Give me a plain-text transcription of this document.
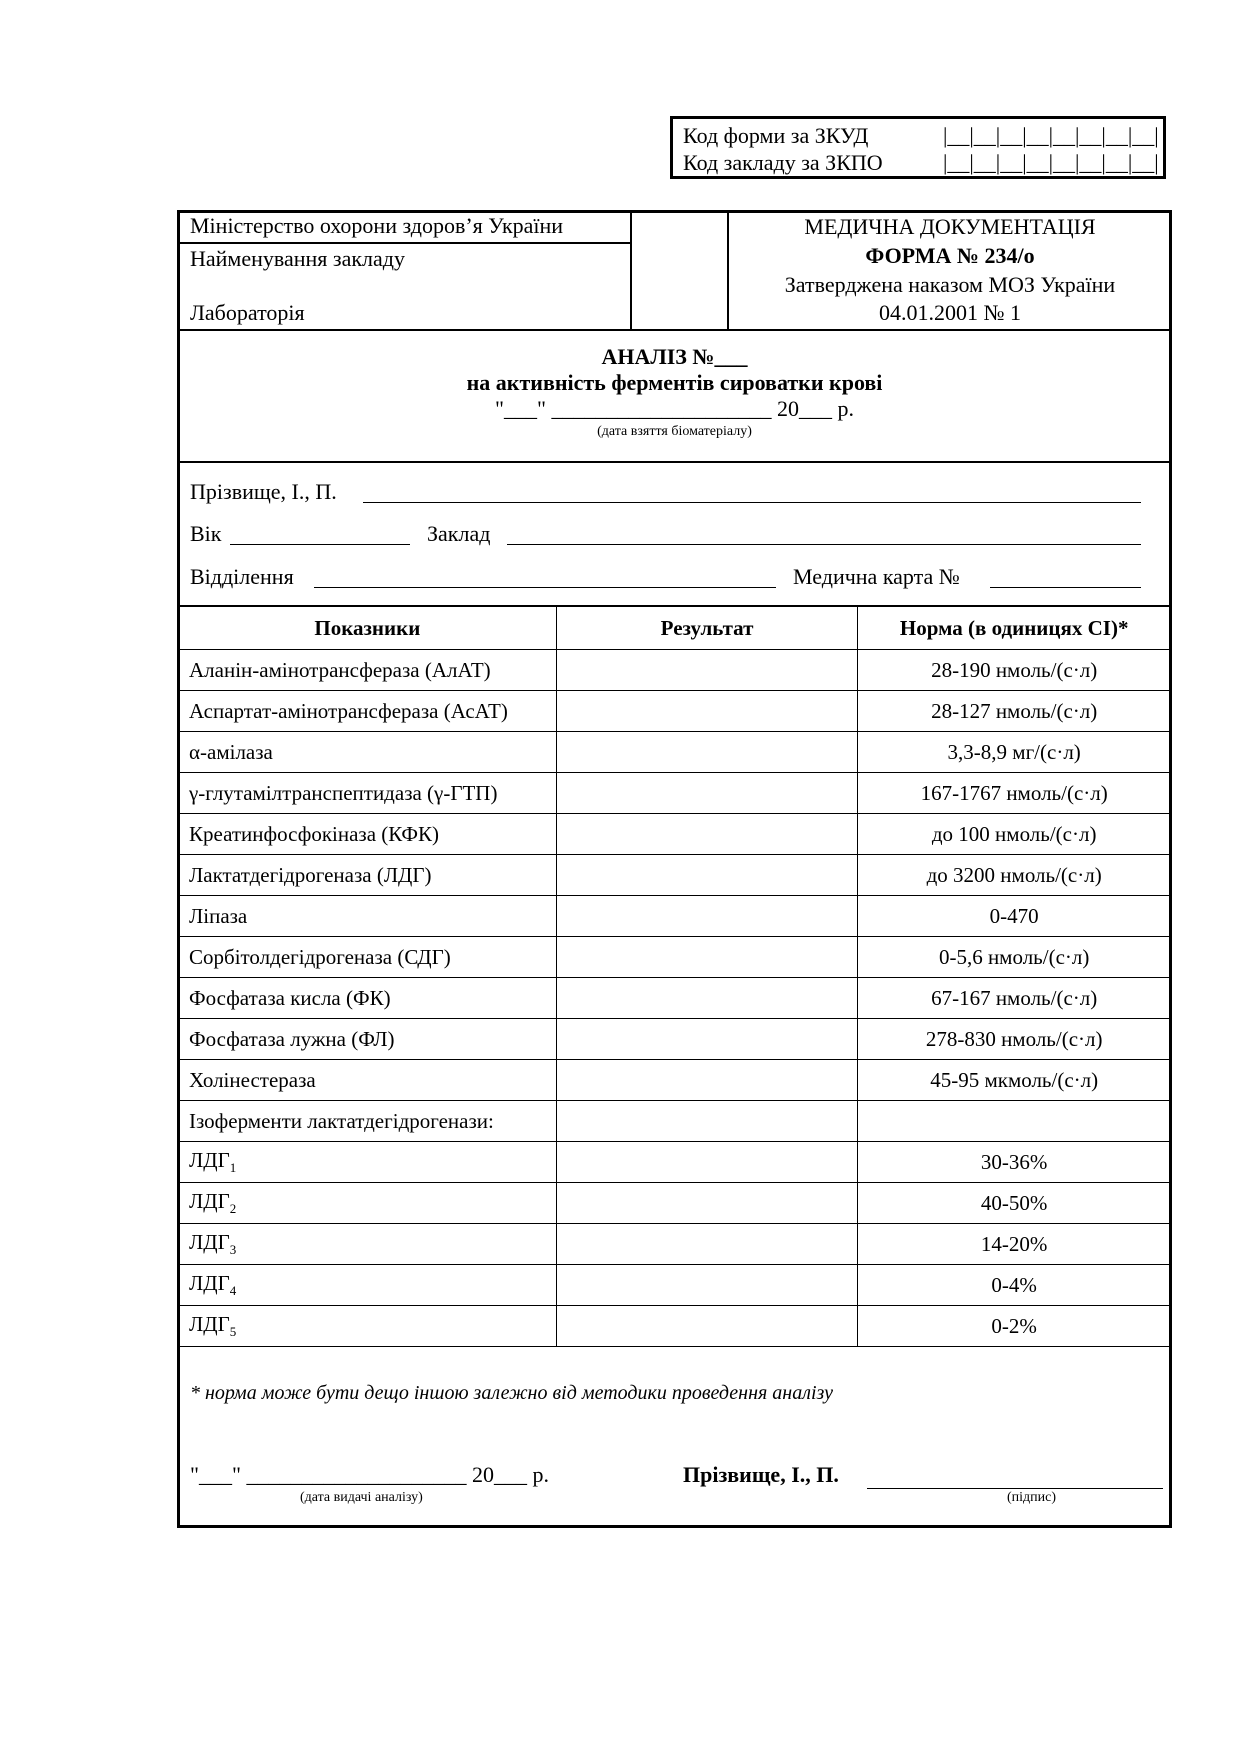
Код форми за ЗКУД	|__|__|__|__|__|__|__|__|
Код закладу за ЗКПО	|__|__|__|__|__|__|__|__|
Міністерство охорони здоров’я України
Найменування закладу
Лабораторія
МЕДИЧНА ДОКУМЕНТАЦІЯ
ФОРМА № 234/о
Затверджена наказом МОЗ України
04.01.2001 № 1
АНАЛІЗ №___
на активність ферментів сироватки крові
"___" ____________________ 20___ р.
(дата взяття біоматеріалу)
Прізвище, І., П.
Вік	Заклад
Відділення	Медична карта №
Показники	Результат	Норма (в одиницях СІ)*
Аланін-амінотрансфераза (АлАТ)		28-190 нмоль/(с·л)
Аспартат-амінотрансфераза (АсАТ)		28-127 нмоль/(с·л)
α-амілаза		3,3-8,9 мг/(с·л)
γ-глутамілтранспептидаза (γ-ГТП)		167-1767 нмоль/(с·л)
Креатинфосфокіназа (КФК)		до 100 нмоль/(с·л)
Лактатдегідрогеназа (ЛДГ)		до 3200 нмоль/(с·л)
Ліпаза		0-470
Сорбітолдегідрогеназа (СДГ)		0-5,6 нмоль/(с·л)
Фосфатаза кисла (ФК)		67-167 нмоль/(с·л)
Фосфатаза лужна (ФЛ)		278-830 нмоль/(с·л)
Холінестераза		45-95 мкмоль/(с·л)
Ізоферменти лактатдегідрогенази:		
$ЛДГ_1$		30-36%
$ЛДГ_2$		40-50%
$ЛДГ_3$		14-20%
$ЛДГ_4$		0-4%
$ЛДГ_5$		0-2%
* норма може бути дещо іншою залежно від методики проведення аналізу
"___" ____________________ 20___ р.
(дата видачі аналізу)
Прізвище, І., П.
(підпис)
